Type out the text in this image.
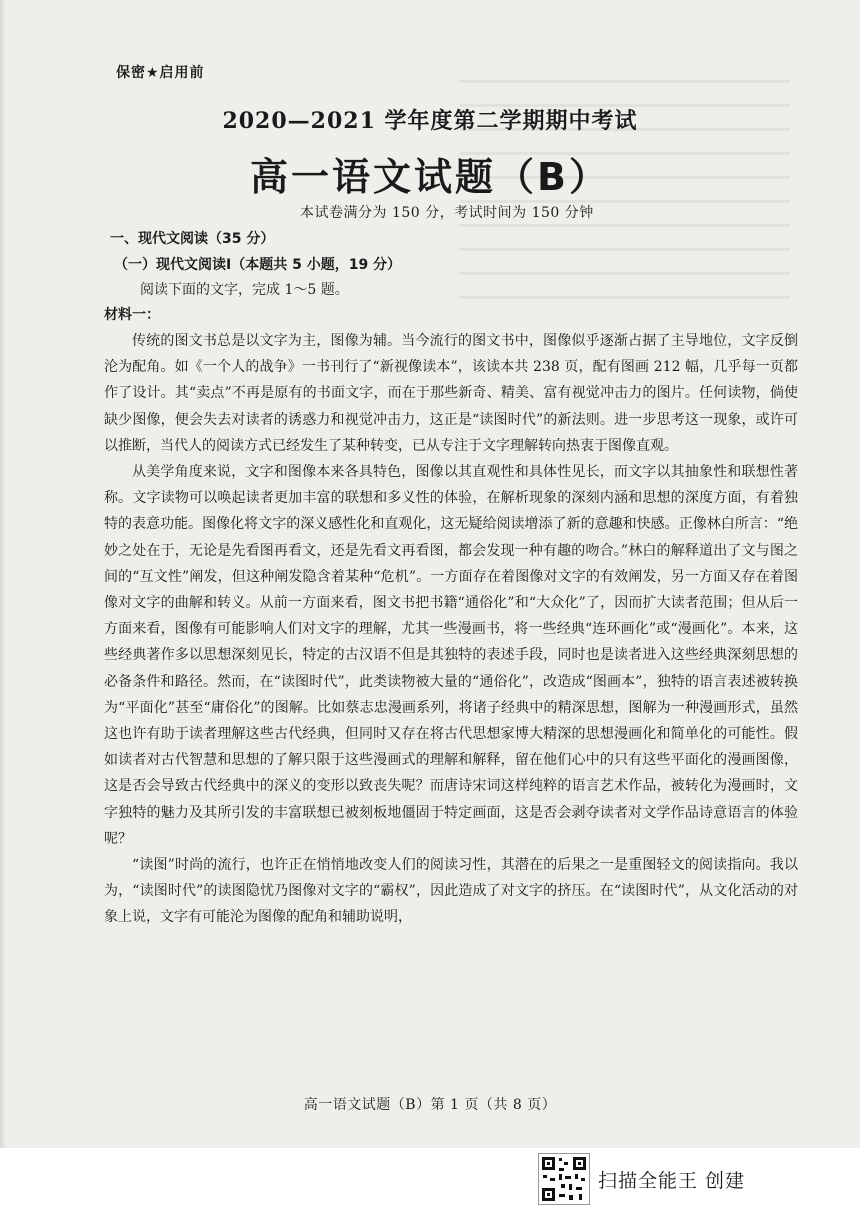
保密★启用前
2020—2021 学年度第二学期期中考试
高一语文试题（B）
本试卷满分为 150 分，考试时间为 150 分钟
一、现代文阅读（35 分）
（一）现代文阅读Ⅰ（本题共 5 小题，19 分）
阅读下面的文字，完成 1～5 题。
材料一：

传统的图文书总是以文字为主，图像为辅。当今流行的图文书中，图像似乎逐渐占据了主导地位，文字反倒沦为配角。如《一个人的战争》一书刊行了“新视像读本”，该读本共 238 页，配有图画 212 幅，几乎每一页都作了设计。其“卖点”不再是原有的书面文字，而在于那些新奇、精美、富有视觉冲击力的图片。任何读物，倘使缺少图像，便会失去对读者的诱惑力和视觉冲击力，这正是“读图时代”的新法则。进一步思考这一现象，或许可以推断，当代人的阅读方式已经发生了某种转变，已从专注于文字理解转向热衷于图像直观。

从美学角度来说，文字和图像本来各具特色，图像以其直观性和具体性见长，而文字以其抽象性和联想性著称。文字读物可以唤起读者更加丰富的联想和多义性的体验，在解析现象的深刻内涵和思想的深度方面，有着独特的表意功能。图像化将文字的深义感性化和直观化，这无疑给阅读增添了新的意趣和快感。正像林白所言：“绝妙之处在于，无论是先看图再看文，还是先看文再看图，都会发现一种有趣的吻合。”林白的解释道出了文与图之间的“互文性”阐发，但这种阐发隐含着某种“危机”。一方面存在着图像对文字的有效阐发，另一方面又存在着图像对文字的曲解和转义。从前一方面来看，图文书把书籍“通俗化”和“大众化”了，因而扩大读者范围；但从后一方面来看，图像有可能影响人们对文字的理解，尤其一些漫画书，将一些经典“连环画化”或“漫画化”。本来，这些经典著作多以思想深刻见长，特定的古汉语不但是其独特的表述手段，同时也是读者进入这些经典深刻思想的必备条件和路径。然而，在“读图时代”，此类读物被大量的“通俗化”，改造成“图画本”，独特的语言表述被转换为“平面化”甚至“庸俗化”的图解。比如蔡志忠漫画系列，将诸子经典中的精深思想，图解为一种漫画形式，虽然这也许有助于读者理解这些古代经典，但同时又存在将古代思想家博大精深的思想漫画化和简单化的可能性。假如读者对古代智慧和思想的了解只限于这些漫画式的理解和解释，留在他们心中的只有这些平面化的漫画图像，这是否会导致古代经典中的深义的变形以致丧失呢？而唐诗宋词这样纯粹的语言艺术作品，被转化为漫画时，文字独特的魅力及其所引发的丰富联想已被刻板地僵固于特定画面，这是否会剥夺读者对文学作品诗意语言的体验呢？

“读图”时尚的流行，也许正在悄悄地改变人们的阅读习性，其潜在的后果之一是重图轻文的阅读指向。我以为，“读图时代”的读图隐忧乃图像对文字的“霸权”，因此造成了对文字的挤压。在“读图时代”，从文化活动的对象上说，文字有可能沦为图像的配角和辅助说明，

高一语文试题（B）第 1 页（共 8 页）
扫描全能王 创建
